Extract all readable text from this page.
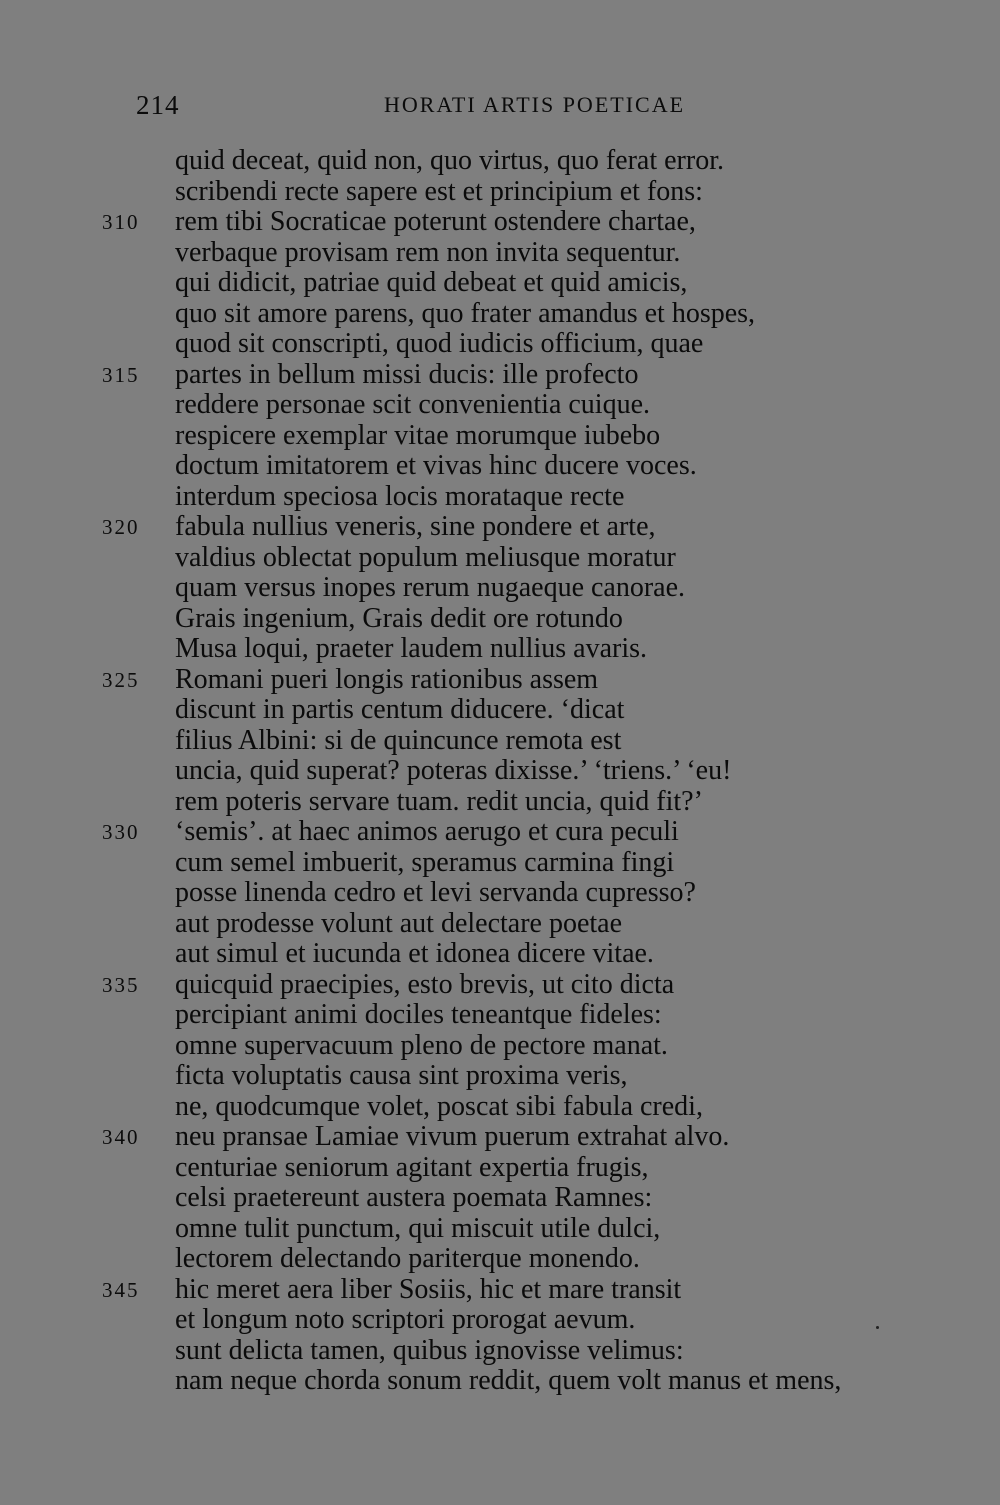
214	HORATI ARTIS POETICAE
quid deceat, quid non, quo virtus, quo ferat error.
scribendi recte sapere est et principium et fons:
310 rem tibi Socraticae poterunt ostendere chartae,
verbaque provisam rem non invita sequentur.
qui didicit, patriae quid debeat et quid amicis,
quo sit amore parens, quo frater amandus et hospes,
quod sit conscripti, quod iudicis officium, quae
315 partes in bellum missi ducis: ille profecto
reddere personae scit convenientia cuique.
respicere exemplar vitae morumque iubebo
doctum imitatorem et vivas hinc ducere voces.
interdum speciosa locis morataque recte
320 fabula nullius veneris, sine pondere et arte,
valdius oblectat populum meliusque moratur
quam versus inopes rerum nugaeque canorae.
Grais ingenium, Grais dedit ore rotundo
Musa loqui, praeter laudem nullius avaris.
325 Romani pueri longis rationibus assem
discunt in partis centum diducere. ‘dicat
filius Albini: si de quincunce remota est
uncia, quid superat? poteras dixisse.’ ‘triens.’ ‘eu!
rem poteris servare tuam. redit uncia, quid fit?’
330 ‘semis’. at haec animos aerugo et cura peculi
cum semel imbuerit, speramus carmina fingi
posse linenda cedro et levi servanda cupresso?
aut prodesse volunt aut delectare poetae
aut simul et iucunda et idonea dicere vitae.
335 quicquid praecipies, esto brevis, ut cito dicta
percipiant animi dociles teneantque fideles:
omne supervacuum pleno de pectore manat.
ficta voluptatis causa sint proxima veris,
ne, quodcumque volet, poscat sibi fabula credi,
340 neu pransae Lamiae vivum puerum extrahat alvo.
centuriae seniorum agitant expertia frugis,
celsi praetereunt austera poemata Ramnes:
omne tulit punctum, qui miscuit utile dulci,
lectorem delectando pariterque monendo.
345 hic meret aera liber Sosiis, hic et mare transit
et longum noto scriptori prorogat aevum.
sunt delicta tamen, quibus ignovisse velimus:
nam neque chorda sonum reddit, quem volt manus et mens,
